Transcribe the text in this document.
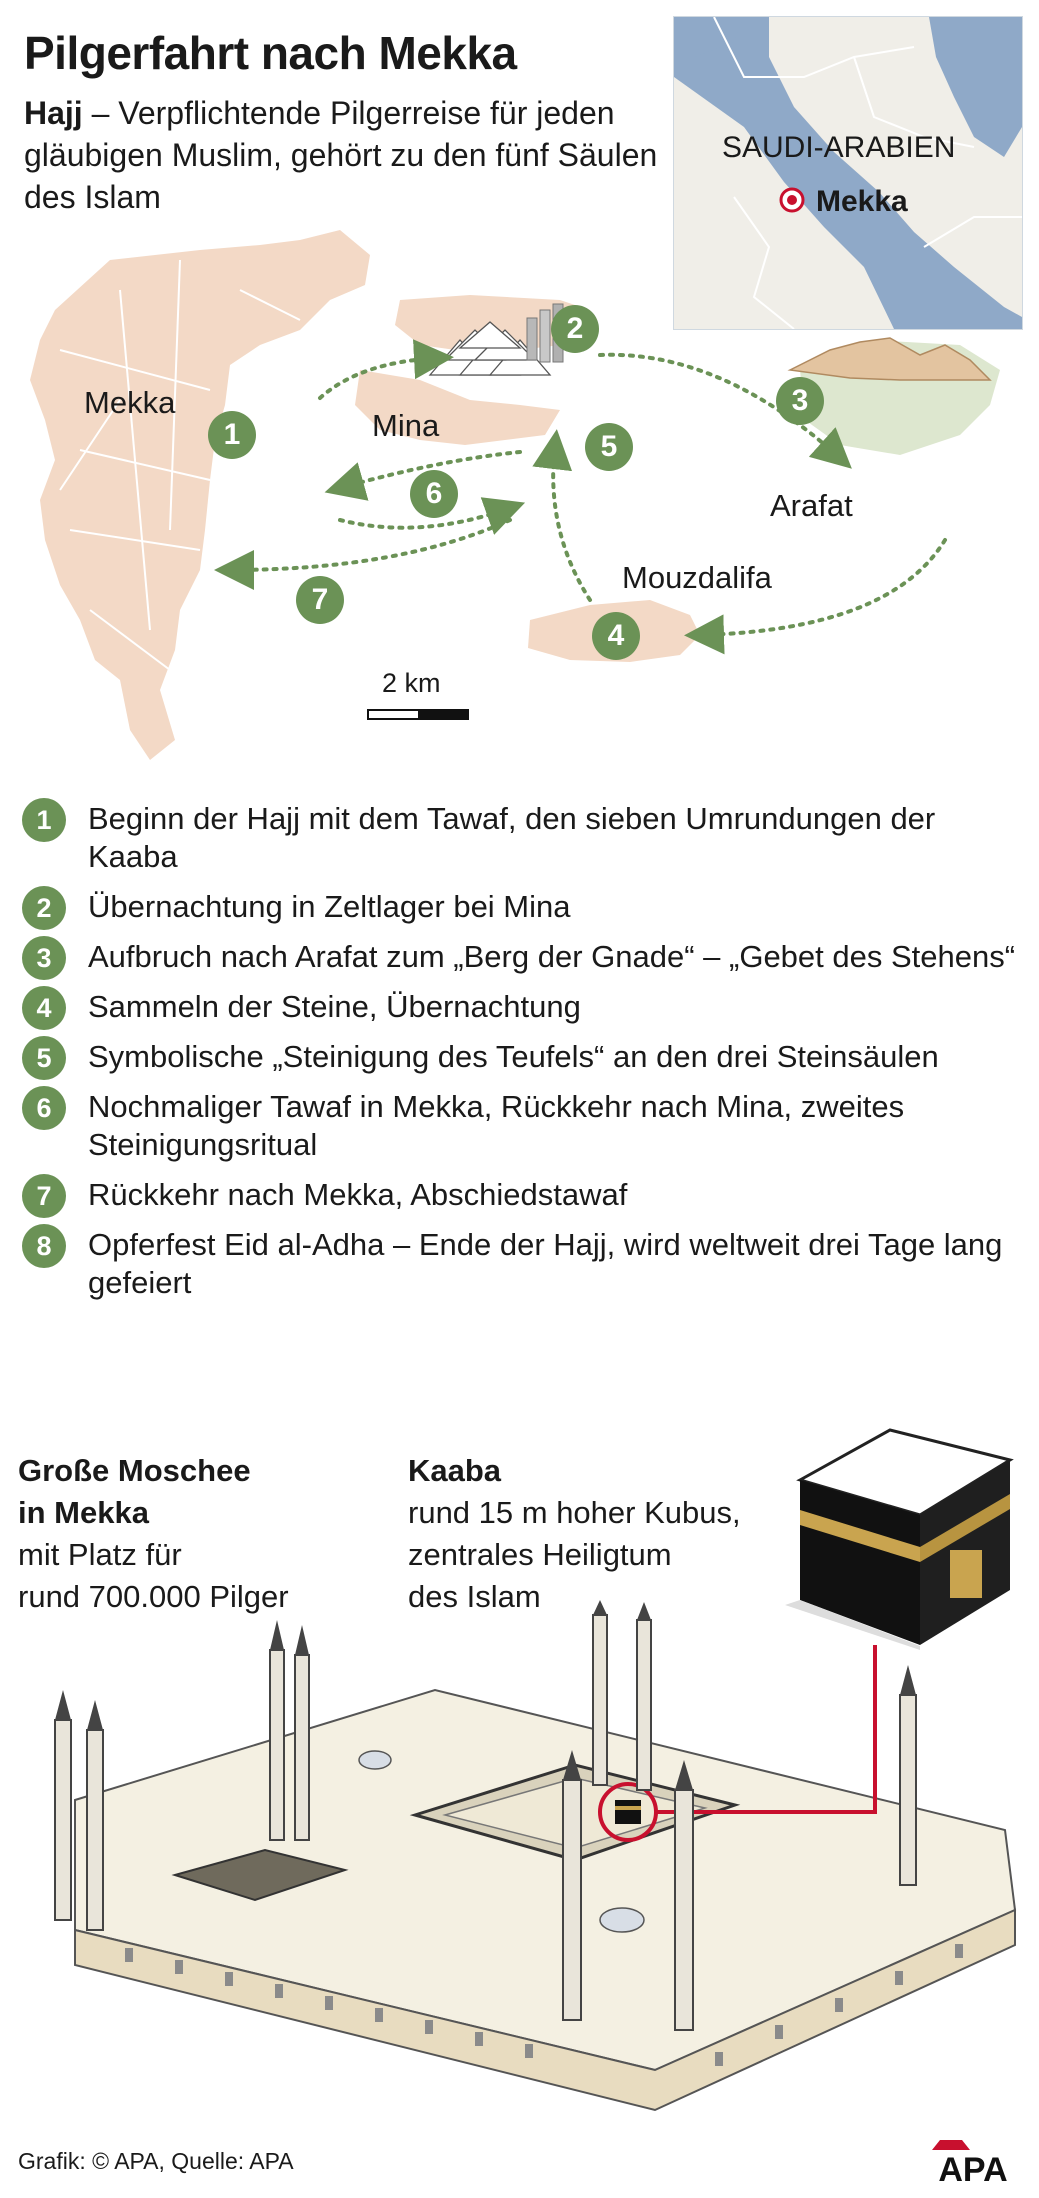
Pilgerfahrt nach Mekka
Hajj – Verpflichtende Pilgerreise für jeden gläubigen Muslim, gehört zu den fünf Säulen des Islam
SAUDI-ARABIEN
Mekka
Mekka
Mina
Arafat
Mouzdalifa
2 km
1
2
3
4
5
6
7
1	Beginn der Hajj mit dem Tawaf, den sieben Umrundungen der Kaaba
2	Übernachtung in Zeltlager bei Mina
3	Aufbruch nach Arafat zum „Berg der Gnade“ – „Gebet des Stehens“
4	Sammeln der Steine, Übernachtung
5	Symbolische „Steinigung des Teufels“ an den drei Steinsäulen
6	Nochmaliger Tawaf in Mekka, Rückkehr nach Mina, zweites Steinigungsritual
7	Rückkehr nach Mekka, Abschiedstawaf
8	Opferfest Eid al-Adha – Ende der Hajj, wird weltweit drei Tage lang gefeiert
Große Moschee
in Mekka
mit Platz für
rund 700.000 Pilger
Kaaba
rund 15 m hoher Kubus,
zentrales Heiligtum
des Islam
Grafik: © APA, Quelle: APA	APA
